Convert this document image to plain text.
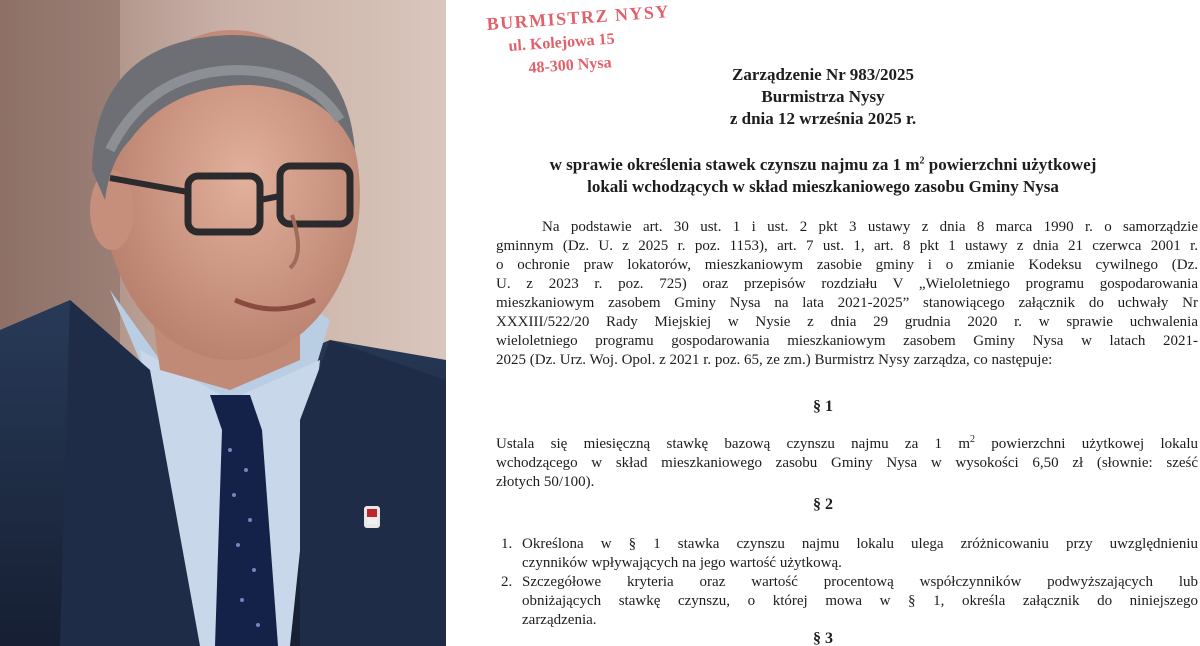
BURMISTRZ NYSY
ul. Kolejowa 15
48-300 Nysa	Zarządzenie Nr 983/2025
Burmistrza Nysy
z dnia 12 września 2025 r.
w sprawie określenia stawek czynszu najmu za 1 $m^2$ powierzchni użytkowej
lokali wchodzących w skład mieszkaniowego zasobu Gminy Nysa
Na podstawie art. 30 ust. 1 i ust. 2 pkt 3 ustawy z dnia 8 marca 1990 r. o samorządzie
gminnym (Dz. U. z 2025 r. poz. 1153), art. 7 ust. 1, art. 8 pkt 1 ustawy z dnia 21 czerwca 2001 r.
o ochronie praw lokatorów, mieszkaniowym zasobie gminy i o zmianie Kodeksu cywilnego (Dz.
U. z 2023 r. poz. 725) oraz przepisów rozdziału V „Wieloletniego programu gospodarowania
mieszkaniowym zasobem Gminy Nysa na lata 2021-2025” stanowiącego załącznik do uchwały Nr
XXXIII/522/20 Rady Miejskiej w Nysie z dnia 29 grudnia 2020 r. w sprawie uchwalenia
wieloletniego programu gospodarowania mieszkaniowym zasobem Gminy Nysa w latach 2021-
2025 (Dz. Urz. Woj. Opol. z 2021 r. poz. 65, ze zm.) Burmistrz Nysy zarządza, co następuje:
§ 1
Ustala się miesięczną stawkę bazową czynszu najmu za 1 $m^2$ powierzchni użytkowej lokalu
wchodzącego w skład mieszkaniowego zasobu Gminy Nysa w wysokości 6,50 zł (słownie: sześć
złotych 50/100).
§ 2
1. Określona w § 1 stawka czynszu najmu lokalu ulega zróżnicowaniu przy uwzględnieniu
czynników wpływających na jego wartość użytkową.
2. Szczegółowe kryteria oraz wartość procentową współczynników podwyższających lub
obniżających stawkę czynszu, o której mowa w § 1, określa załącznik do niniejszego
zarządzenia.
§ 3
